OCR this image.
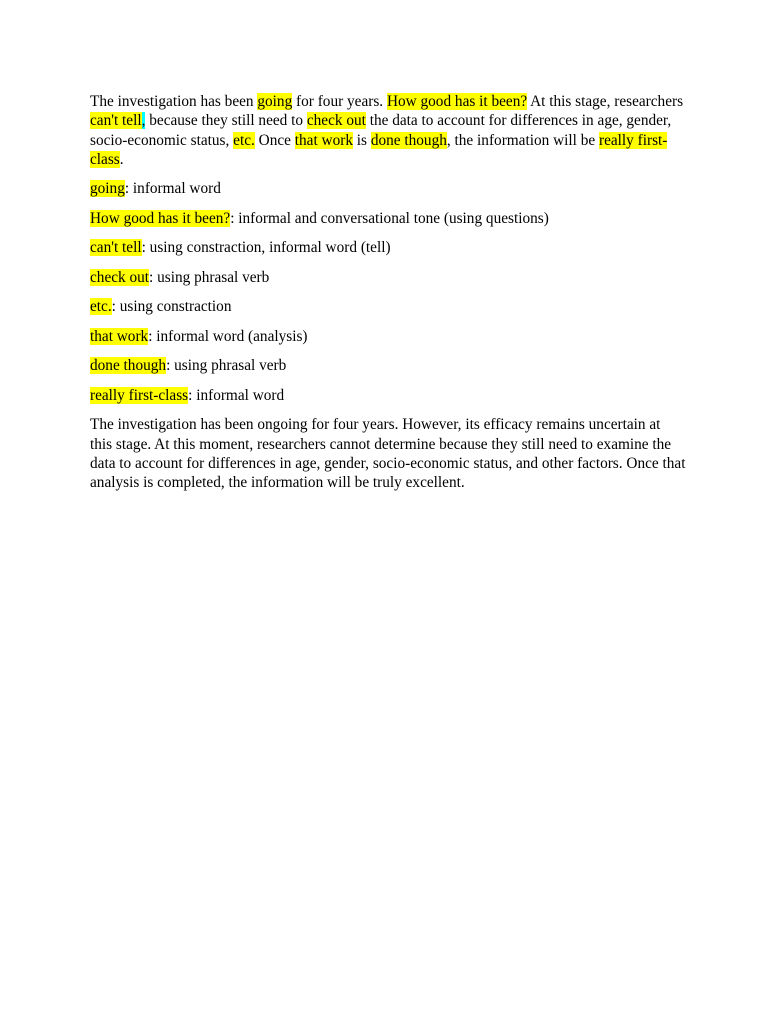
The investigation has been going for four years. How good has it been? At this stage, researchers can't tell, because they still need to check out the data to account for differences in age, gender, socio-economic status, etc. Once that work is done though, the information will be really first-class.

going: informal word

How good has it been?: informal and conversational tone (using questions)

can't tell: using constraction, informal word (tell)

check out: using phrasal verb

etc.: using constraction

that work: informal word (analysis)

done though: using phrasal verb

really first-class: informal word

The investigation has been ongoing for four years. However, its efficacy remains uncertain at this stage. At this moment, researchers cannot determine because they still need to examine the data to account for differences in age, gender, socio-economic status, and other factors. Once that analysis is completed, the information will be truly excellent.
